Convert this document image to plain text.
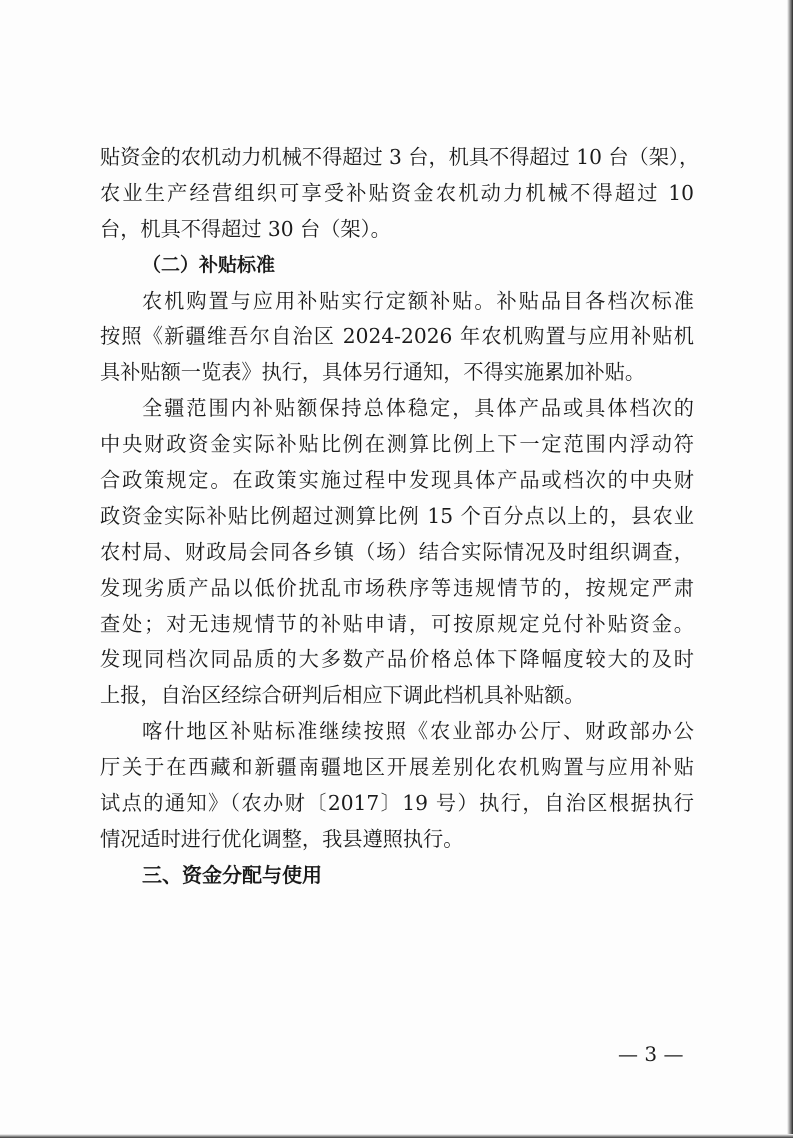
贴资金的农机动力机械不得超过 3 台，机具不得超过 10 台（架），
农业生产经营组织可享受补贴资金农机动力机械不得超过 10
台，机具不得超过 30 台（架）。
（二）补贴标准
农机购置与应用补贴实行定额补贴。补贴品目各档次标准
按照《新疆维吾尔自治区 2024-2026 年农机购置与应用补贴机
具补贴额一览表》执行，具体另行通知，不得实施累加补贴。
全疆范围内补贴额保持总体稳定，具体产品或具体档次的
中央财政资金实际补贴比例在测算比例上下一定范围内浮动符
合政策规定。在政策实施过程中发现具体产品或档次的中央财
政资金实际补贴比例超过测算比例 15 个百分点以上的，县农业
农村局、财政局会同各乡镇（场）结合实际情况及时组织调查，
发现劣质产品以低价扰乱市场秩序等违规情节的，按规定严肃
查处；对无违规情节的补贴申请，可按原规定兑付补贴资金。
发现同档次同品质的大多数产品价格总体下降幅度较大的及时
上报，自治区经综合研判后相应下调此档机具补贴额。
喀什地区补贴标准继续按照《农业部办公厅、财政部办公
厅关于在西藏和新疆南疆地区开展差别化农机购置与应用补贴
试点的通知》（农办财〔2017〕19 号）执行，自治区根据执行
情况适时进行优化调整，我县遵照执行。
三、资金分配与使用
— 3 —
